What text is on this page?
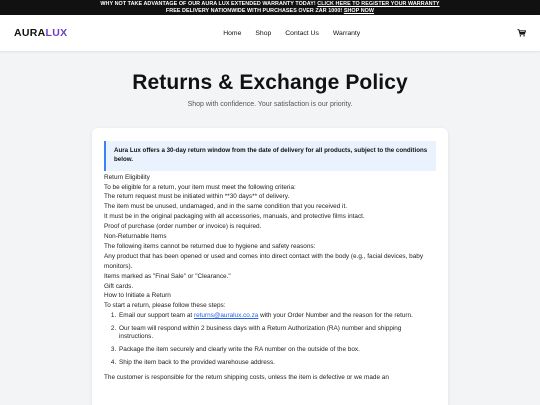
WHY NOT TAKE ADVANTAGE OF OUR AURA LUX EXTENDED WARRANTY TODAY! CLICK HERE TO REGISTER YOUR WARRANTY
FREE DELIVERY NATIONWIDE WITH PURCHASES OVER ZAR 1000! SHOP NOW
AURALUX	Home Shop Contact Us Warranty
Returns & Exchange Policy

Shop with confidence. Your satisfaction is our priority.

Aura Lux offers a 30-day return window from the date of delivery for all products, subject to the conditions below.
Return Eligibility
To be eligible for a return, your item must meet the following criteria:
The return request must be initiated within **30 days** of delivery.
The item must be unused, undamaged, and in the same condition that you received it.
It must be in the original packaging with all accessories, manuals, and protective films intact.
Proof of purchase (order number or invoice) is required.
Non-Returnable Items
The following items cannot be returned due to hygiene and safety reasons:
Any product that has been opened or used and comes into direct contact with the body (e.g., facial devices, baby monitors).
Items marked as "Final Sale" or "Clearance."
Gift cards.
How to Initiate a Return
To start a return, please follow these steps:
1. Email our support team at returns@auralux.co.za with your Order Number and the reason for the return.
2. Our team will respond within 2 business days with a Return Authorization (RA) number and shipping instructions.
3. Package the item securely and clearly write the RA number on the outside of the box.
4. Ship the item back to the provided warehouse address.
The customer is responsible for the return shipping costs, unless the item is defective or we made an
